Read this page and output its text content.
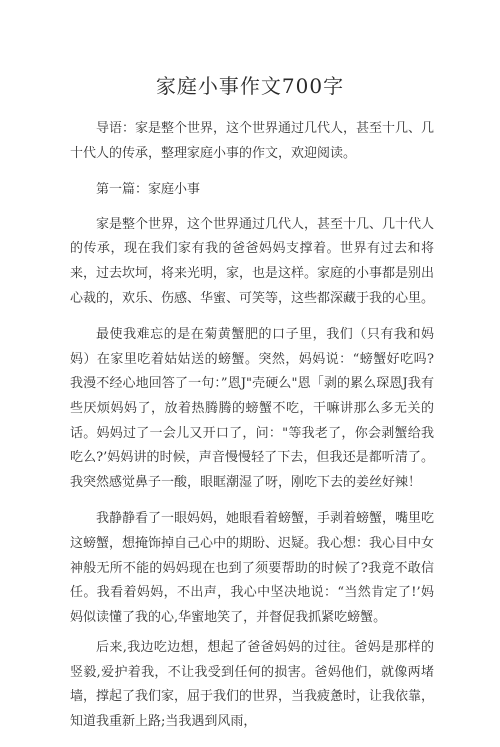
家庭小事作文700字

导语：家是整个世界，这个世界通过几代人，甚至十几、几十代人的传承，整理家庭小事的作文，欢迎阅读。

第一篇：家庭小事

家是整个世界，这个世界通过几代人，甚至十几、几十代人的传承，现在我们家有我的爸爸妈妈支撑着。世界有过去和将来，过去坎坷，将来光明，家，也是这样。家庭的小事都是别出心裁的，欢乐、伤感、华蜜、可笑等，这些都深藏于我的心里。

最使我难忘的是在菊黄蟹肥的口子里，我们（只有我和妈妈）在家里吃着姑姑送的螃蟹。突然，妈妈说：“螃蟹好吃吗?我漫不经心地回答了一句：”恩J"壳硬么"恩「剥的累么琛恩J我有些厌烦妈妈了，放着热腾腾的螃蟹不吃，干嘛讲那么多无关的话。妈妈过了一会儿又开口了，问："等我老了，你会剥蟹给我吃么?’妈妈讲的时候，声音慢慢轻了下去，但我还是都听清了。我突然感觉鼻子一酸，眼眶潮湿了呀，刚吃下去的姜丝好辣！

我静静看了一眼妈妈，她眼看着螃蟹，手剥着螃蟹，嘴里吃这螃蟹，想掩饰掉自己心中的期盼、迟疑。我心想：我心目中女神般无所不能的妈妈现在也到了须要帮助的时候了?我竟不敢信任。我看着妈妈，不出声，我心中坚决地说：“当然肯定了!’妈妈似读懂了我的心,华蜜地笑了，并督促我抓紧吃螃蟹。

后来,我边吃边想，想起了爸爸妈妈的过往。爸妈是那样的竖毅,爱护着我，不让我受到任何的损害。爸妈他们，就像两堵墙，撑起了我们家，屈于我们的世界，当我疲惫时，让我依靠，知道我重新上路;当我遇到风雨，
